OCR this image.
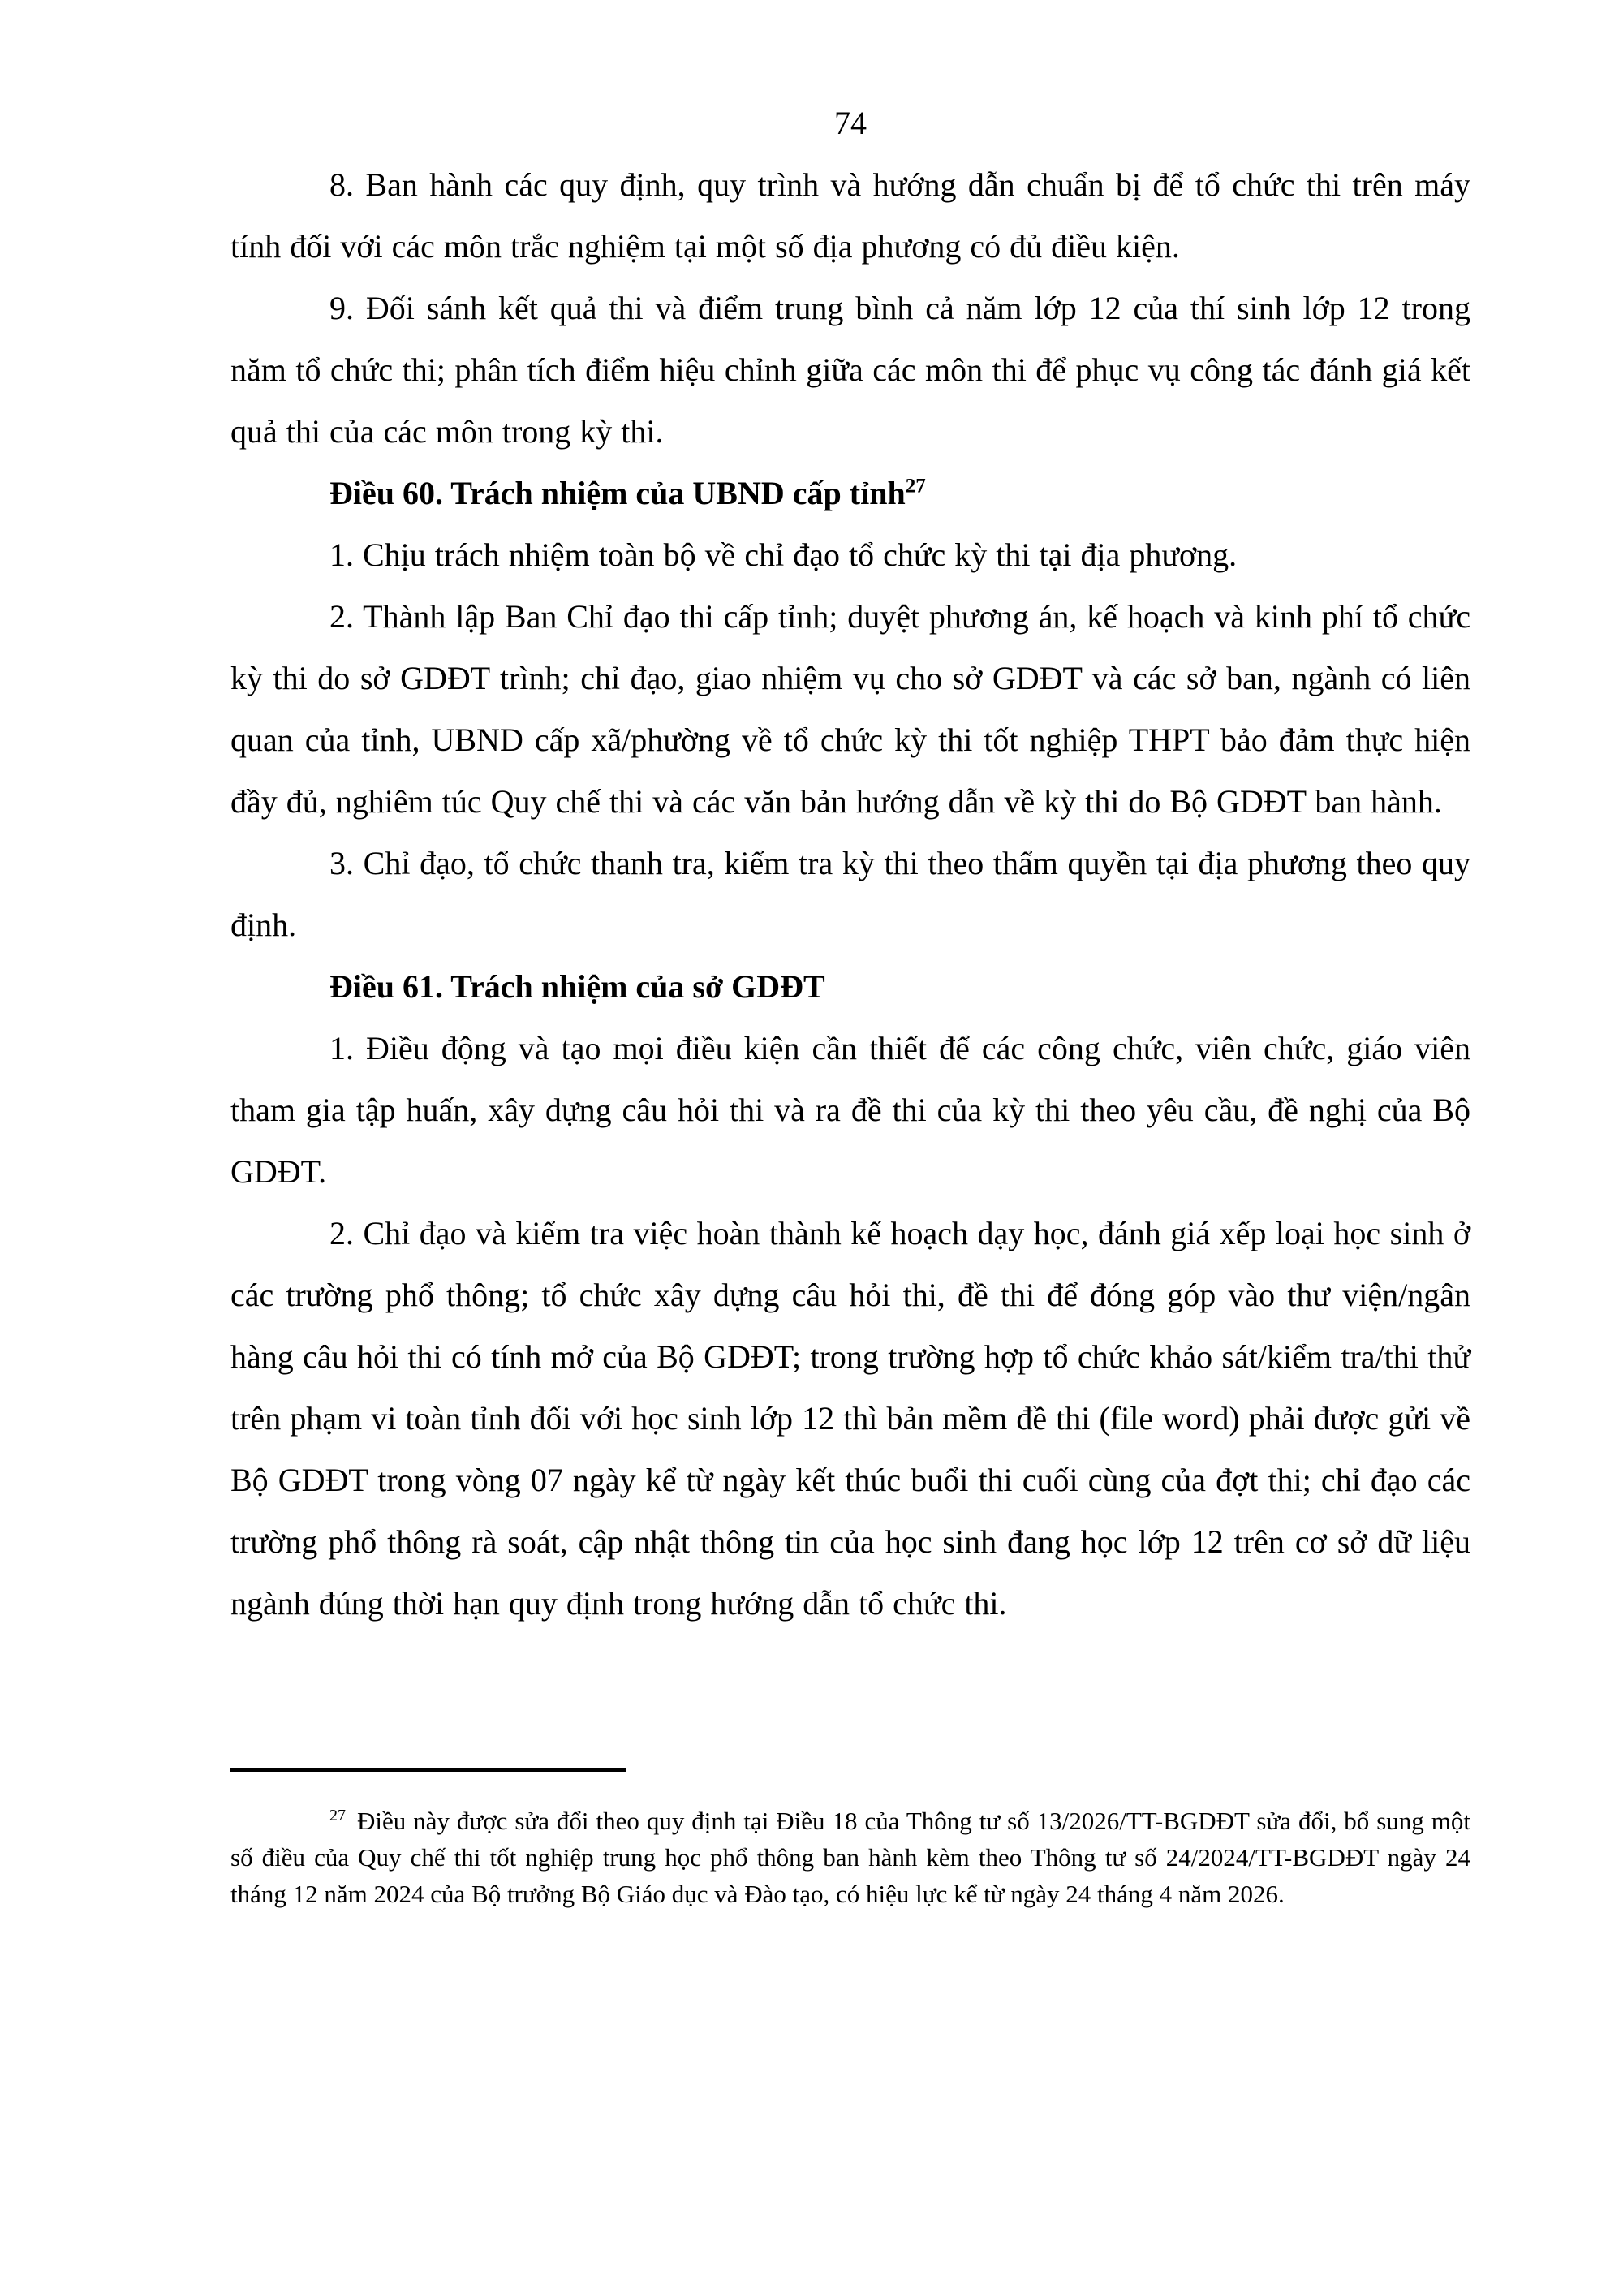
74

8. Ban hành các quy định, quy trình và hướng dẫn chuẩn bị để tổ chức thi trên máy tính đối với các môn trắc nghiệm tại một số địa phương có đủ điều kiện.

9. Đối sánh kết quả thi và điểm trung bình cả năm lớp 12 của thí sinh lớp 12 trong năm tổ chức thi; phân tích điểm hiệu chỉnh giữa các môn thi để phục vụ công tác đánh giá kết quả thi của các môn trong kỳ thi.

Điều 60. Trách nhiệm của UBND cấp tỉnh$^{27}$

1. Chịu trách nhiệm toàn bộ về chỉ đạo tổ chức kỳ thi tại địa phương.

2. Thành lập Ban Chỉ đạo thi cấp tỉnh; duyệt phương án, kế hoạch và kinh phí tổ chức kỳ thi do sở GDĐT trình; chỉ đạo, giao nhiệm vụ cho sở GDĐT và các sở ban, ngành có liên quan của tỉnh, UBND cấp xã/phường về tổ chức kỳ thi tốt nghiệp THPT bảo đảm thực hiện đầy đủ, nghiêm túc Quy chế thi và các văn bản hướng dẫn về kỳ thi do Bộ GDĐT ban hành.

3. Chỉ đạo, tổ chức thanh tra, kiểm tra kỳ thi theo thẩm quyền tại địa phương theo quy định.

Điều 61. Trách nhiệm của sở GDĐT

1. Điều động và tạo mọi điều kiện cần thiết để các công chức, viên chức, giáo viên tham gia tập huấn, xây dựng câu hỏi thi và ra đề thi của kỳ thi theo yêu cầu, đề nghị của Bộ GDĐT.

2. Chỉ đạo và kiểm tra việc hoàn thành kế hoạch dạy học, đánh giá xếp loại học sinh ở các trường phổ thông; tổ chức xây dựng câu hỏi thi, đề thi để đóng góp vào thư viện/ngân hàng câu hỏi thi có tính mở của Bộ GDĐT; trong trường hợp tổ chức khảo sát/kiểm tra/thi thử trên phạm vi toàn tỉnh đối với học sinh lớp 12 thì bản mềm đề thi (file word) phải được gửi về Bộ GDĐT trong vòng 07 ngày kể từ ngày kết thúc buổi thi cuối cùng của đợt thi; chỉ đạo các trường phổ thông rà soát, cập nhật thông tin của học sinh đang học lớp 12 trên cơ sở dữ liệu ngành đúng thời hạn quy định trong hướng dẫn tổ chức thi.

$^{27}$ Điều này được sửa đổi theo quy định tại Điều 18 của Thông tư số 13/2026/TT-BGDĐT sửa đổi, bổ sung một số điều của Quy chế thi tốt nghiệp trung học phổ thông ban hành kèm theo Thông tư số 24/2024/TT-BGDĐT ngày 24 tháng 12 năm 2024 của Bộ trưởng Bộ Giáo dục và Đào tạo, có hiệu lực kể từ ngày 24 tháng 4 năm 2026.
